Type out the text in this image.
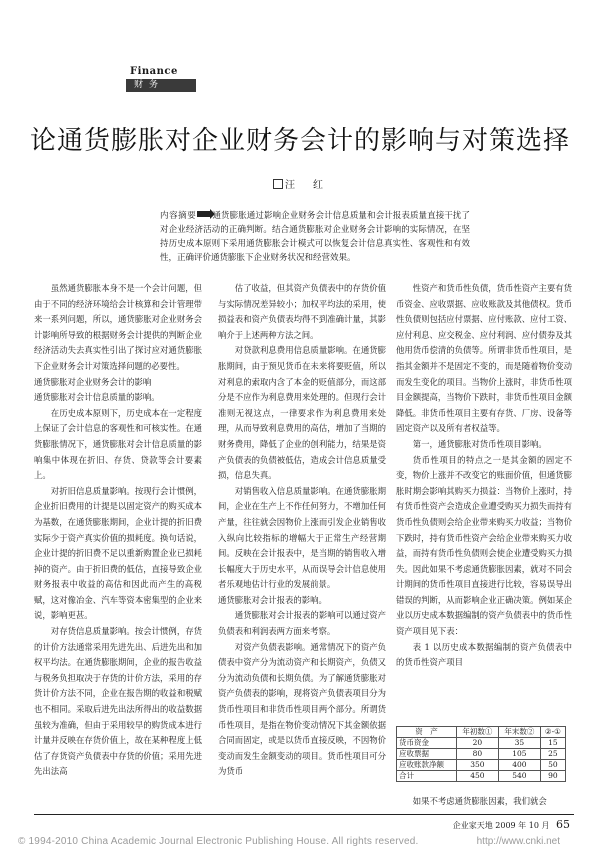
Finance
财务
论通货膨胀对企业财务会计的影响与对策选择
汪　红
内容摘要 通货膨胀通过影响企业财务会计信息质量和会计报表质量直接干扰了对企业经济活动的正确判断。结合通货膨胀对企业财务会计影响的实际情况，在坚持历史成本原则下采用通货膨胀会计模式可以恢复会计信息真实性、客观性和有效性，正确评价通货膨胀下企业财务状况和经营效果。

虽然通货膨胀本身不是一个会计问题，但由于不同的经济环境给会计核算和会计管理带来一系列问题，所以，通货膨胀对企业财务会计影响所导致的根据财务会计提供的判断企业经济活动失去真实性引出了探讨应对通货膨胀下企业财务会计对策选择问题的必要性。

通货膨胀对企业财务会计的影响

通货膨胀对会计信息质量的影响。

在历史成本原则下，历史成本在一定程度上保证了会计信息的客观性和可核实性。在通货膨胀情况下，通货膨胀对会计信息质量的影响集中体现在折旧、存货、贷款等会计要素上。

对折旧信息质量影响。按现行会计惯例，企业折旧费用的计提是以固定资产的购买成本为基数，在通货膨胀期间，企业计提的折旧费实际少于资产真实价值的损耗度。换句话说，企业计提的折旧费不足以重新购置企业已损耗掉的资产。由于折旧费的低估，直接导致企业财务报表中收益的高估和因此而产生的高税赋，这对像冶金、汽车等资本密集型的企业来说，影响更甚。

对存货信息质量影响。按会计惯例，存货的计价方法通常采用先进先出、后进先出和加权平均法。在通货膨胀期间，企业的报告收益与税务负担取决于存货的计价方法，采用的存货计价方法不同，企业在报告期的收益和税赋也不相同。采取后进先出法所得出的收益数据虽较为准确，但由于采用较早的购货成本进行计量并反映在存货价值上，故在某种程度上低估了存货资产负债表中存货的价值；采用先进先出法高

估了收益，但其资产负债表中的存货价值与实际情况差异较小；加权平均法的采用，使损益表和资产负债表均得不到准确计量，其影响介于上述两种方法之间。

对贷款利息费用信息质量影响。在通货膨胀期间，由于预见货币在未来将要贬值，所以对利息的索取内含了本金的贬值部分，而这部分是不应作为利息费用来处理的。但现行会计准则无视这点，一律要求作为利息费用来处理，从而导致利息费用的高估，增加了当期的财务费用，降低了企业的创利能力，结果是资产负债表的负债被低估，造成会计信息质量受损，信息失真。

对销售收入信息质量影响。在通货膨胀期间，企业在生产上不作任何努力，不增加任何产量，往往就会因物价上涨而引发企业销售收入纵向比较指标的增幅大于正常生产经营期间。反映在会计报表中，是当期的销售收入增长幅度大于历史水平，从而误导会计信息使用者乐观地估计行业的发展前景。

通货膨胀对会计报表的影响。

通货膨胀对会计报表的影响可以通过资产负债表和利润表两方面来考察。

对资产负债表影响。通常情况下的资产负债表中资产分为流动资产和长期资产，负债又分为流动负债和长期负债。为了解通货膨胀对资产负债表的影响，现将资产负债表项目分为货币性项目和非货币性项目两个部分。所谓货币性项目，是指在物价变动情况下其金额依据合同而固定，或是以货币直接反映，不因物价变动而发生金额变动的项目。货币性项目可分为货币

性资产和货币性负债，货币性资产主要有货币资金、应收票据、应收账款及其他债权。货币性负债则包括应付票据、应付账款、应付工资、应付利息、应交税金、应付利润、应付债券及其他用货币偿清的负债等。所谓非货币性项目，是指其金额并不是固定不变的，而是随着物价变动而发生变化的项目。当物价上涨时，非货币性项目金额提高，当物价下跌时，非货币性项目金额降低。非货币性项目主要有存货、厂房、设备等固定资产以及所有者权益等。

第一，通货膨胀对货币性项目影响。

货币性项目的特点之一是其金额的固定不变，物价上涨并不改变它的账面价值，但通货膨胀时期会影响其购买力损益：当物价上涨时，持有货币性资产会造成企业遭受购买力损失而持有货币性负债则会给企业带来购买力收益；当物价下跌时，持有货币性资产会给企业带来购买力收益，而持有货币性负债则会使企业遭受购买力损失。因此如果不考虑通货膨胀因素，就对不同会计期间的货币性项目直接进行比较，容易误导出错误的判断，从而影响企业正确决策。例如某企业以历史成本数据编制的资产负债表中的货币性资产项目见下表：

表 1 以历史成本数据编制的资产负债表中的货币性资产项目

资　产	年初数①	年末数②	②-①
货币资金	20	35	15
应收票据	80	105	25
应收账款净额	350	400	50
合计	450	540	90
如果不考虑通货膨胀因素，我们就会
企业家天地 2009 年 10 月 65
© 1994-2010 China Academic Journal Electronic Publishing House. All rights reserved.	http://www.cnki.net
